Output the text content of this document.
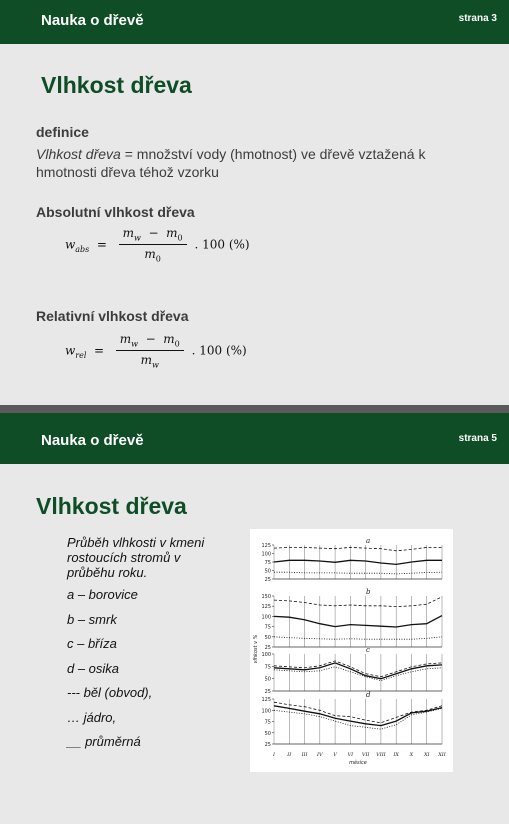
Nauka o dřevě	strana 3
Vlhkost dřeva
definice
Vlhkost dřeva = množství vody (hmotnost) ve dřevě vztažená k hmotnosti dřeva téhož vzorku
Absolutní vlhkost dřeva
$w_{abs} = \frac{m_w - m_0}{m_0}$ . 100 (%)
Relativní vlhkost dřeva
$w_{rel} = \frac{m_w - m_0}{m_w}$ . 100 (%)
Nauka o dřevě	strana 5
Vlhkost dřeva
Průběh vlhkosti v kmeni rostoucích stromů v průběhu roku.
a – borovice
b – smrk
c – bříza
d – osika
--- běl (obvod),
… jádro,
__ průměrná
125
100
75
50
25
a
150
125
100
75
50
25
b
100
75
50
25
c
125
100
75
50
25
d
I II III IV V VI VII VIII IX X XI XII
měsíce
vlhkost v %
